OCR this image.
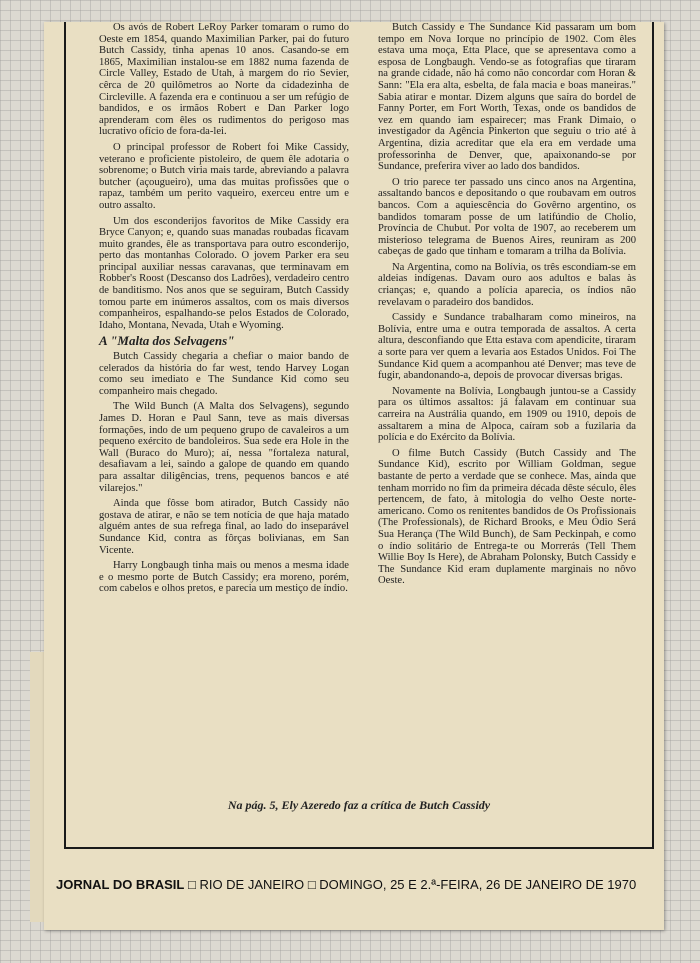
Os avós de Robert LeRoy Parker tomaram o rumo do Oeste em 1854, quando Maximilian Parker, pai do futuro Butch Cassidy, tinha apenas 10 anos. Casando-se em 1865, Maximilian instalou-se em 1882 numa fazenda de Circle Valley, Estado de Utah, à margem do rio Sevier, cêrca de 20 quilômetros ao Norte da cidadezinha de Circleville. A fazenda era e continuou a ser um refúgio de bandidos, e os irmãos Robert e Dan Parker logo aprenderam com êles os rudimentos do perigoso mas lucrativo ofício de fora-da-lei.

O principal professor de Robert foi Mike Cassidy, veterano e proficiente pistoleiro, de quem êle adotaria o sobrenome; o Butch viria mais tarde, abreviando a palavra butcher (açougueiro), uma das muitas profissões que o rapaz, também um perito vaqueiro, exerceu entre um e outro assalto.

Um dos esconderijos favoritos de Mike Cassidy era Bryce Canyon; e, quando suas manadas roubadas ficavam muito grandes, êle as transportava para outro esconderijo, perto das montanhas Colorado. O jovem Parker era seu principal auxiliar nessas caravanas, que terminavam em Robber's Roost (Descanso dos Ladrões), verdadeiro centro de banditismo. Nos anos que se seguiram, Butch Cassidy tomou parte em inúmeros assaltos, com os mais diversos companheiros, espalhando-se pelos Estados de Colorado, Idaho, Montana, Nevada, Utah e Wyoming.

A "Malta dos Selvagens"

Butch Cassidy chegaria a chefiar o maior bando de celerados da história do far west, tendo Harvey Logan como seu imediato e The Sundance Kid como seu companheiro mais chegado.

The Wild Bunch (A Malta dos Selvagens), segundo James D. Horan e Paul Sann, teve as mais diversas formações, indo de um pequeno grupo de cavaleiros a um pequeno exército de bandoleiros. Sua sede era Hole in the Wall (Buraco do Muro); aí, nessa "fortaleza natural, desafiavam a lei, saindo a galope de quando em quando para assaltar diligências, trens, pequenos bancos e até vilarejos."

Ainda que fôsse bom atirador, Butch Cassidy não gostava de atirar, e não se tem notícia de que haja matado alguém antes de sua refrega final, ao lado do inseparável Sundance Kid, contra as fôrças bolivianas, em San Vicente.

Harry Longbaugh tinha mais ou menos a mesma idade e o mesmo porte de Butch Cassidy; era moreno, porém, com cabelos e olhos pretos, e parecia um mestiço de índio.

Butch Cassidy e The Sundance Kid passaram um bom tempo em Nova Iorque no princípio de 1902. Com êles estava uma moça, Etta Place, que se apresentava como a esposa de Longbaugh. Vendo-se as fotografias que tiraram na grande cidade, não há como não concordar com Horan & Sann: "Ela era alta, esbelta, de fala macia e boas maneiras." Sabia atirar e montar. Dizem alguns que saíra do bordel de Fanny Porter, em Fort Worth, Texas, onde os bandidos de vez em quando iam espairecer; mas Frank Dimaio, o investigador da Agência Pinkerton que seguiu o trio até à Argentina, dizia acreditar que ela era em verdade uma professorinha de Denver, que, apaixonando-se por Sundance, preferira viver ao lado dos bandidos.

O trio parece ter passado uns cinco anos na Argentina, assaltando bancos e depositando o que roubavam em outros bancos. Com a aquiescência do Govêrno argentino, os bandidos tomaram posse de um latifúndio de Cholio, Província de Chubut. Por volta de 1907, ao receberem um misterioso telegrama de Buenos Aires, reuniram as 200 cabeças de gado que tinham e tomaram a trilha da Bolívia.

Na Argentina, como na Bolívia, os três escondiam-se em aldeias indígenas. Davam ouro aos adultos e balas às crianças; e, quando a polícia aparecia, os índios não revelavam o paradeiro dos bandidos.

Cassidy e Sundance trabalharam como mineiros, na Bolívia, entre uma e outra temporada de assaltos. A certa altura, desconfiando que Etta estava com apendicite, tiraram a sorte para ver quem a levaria aos Estados Unidos. Foi The Sundance Kid quem a acompanhou até Denver; mas teve de fugir, abandonando-a, depois de provocar diversas brigas.

Novamente na Bolívia, Longbaugh juntou-se a Cassidy para os últimos assaltos: já falavam em continuar sua carreira na Austrália quando, em 1909 ou 1910, depois de assaltarem a mina de Alpoca, caíram sob a fuzilaria da polícia e do Exército da Bolívia.

O filme Butch Cassidy (Butch Cassidy and The Sundance Kid), escrito por William Goldman, segue bastante de perto a verdade que se conhece. Mas, ainda que tenham morrido no fim da primeira década dêste século, êles pertencem, de fato, à mitologia do velho Oeste norte-americano. Como os renitentes bandidos de Os Profissionais (The Professionals), de Richard Brooks, e Meu Ódio Será Sua Herança (The Wild Bunch), de Sam Peckinpah, e como o índio solitário de Entrega-te ou Morrerás (Tell Them Willie Boy Is Here), de Abraham Polonsky, Butch Cassidy e The Sundance Kid eram duplamente marginais no nôvo Oeste.

Na pág. 5, Ely Azeredo faz a crítica de Butch Cassidy
JORNAL DO BRASIL □ RIO DE JANEIRO □ DOMINGO, 25 E 2.ª-FEIRA, 26 DE JANEIRO DE 1970
